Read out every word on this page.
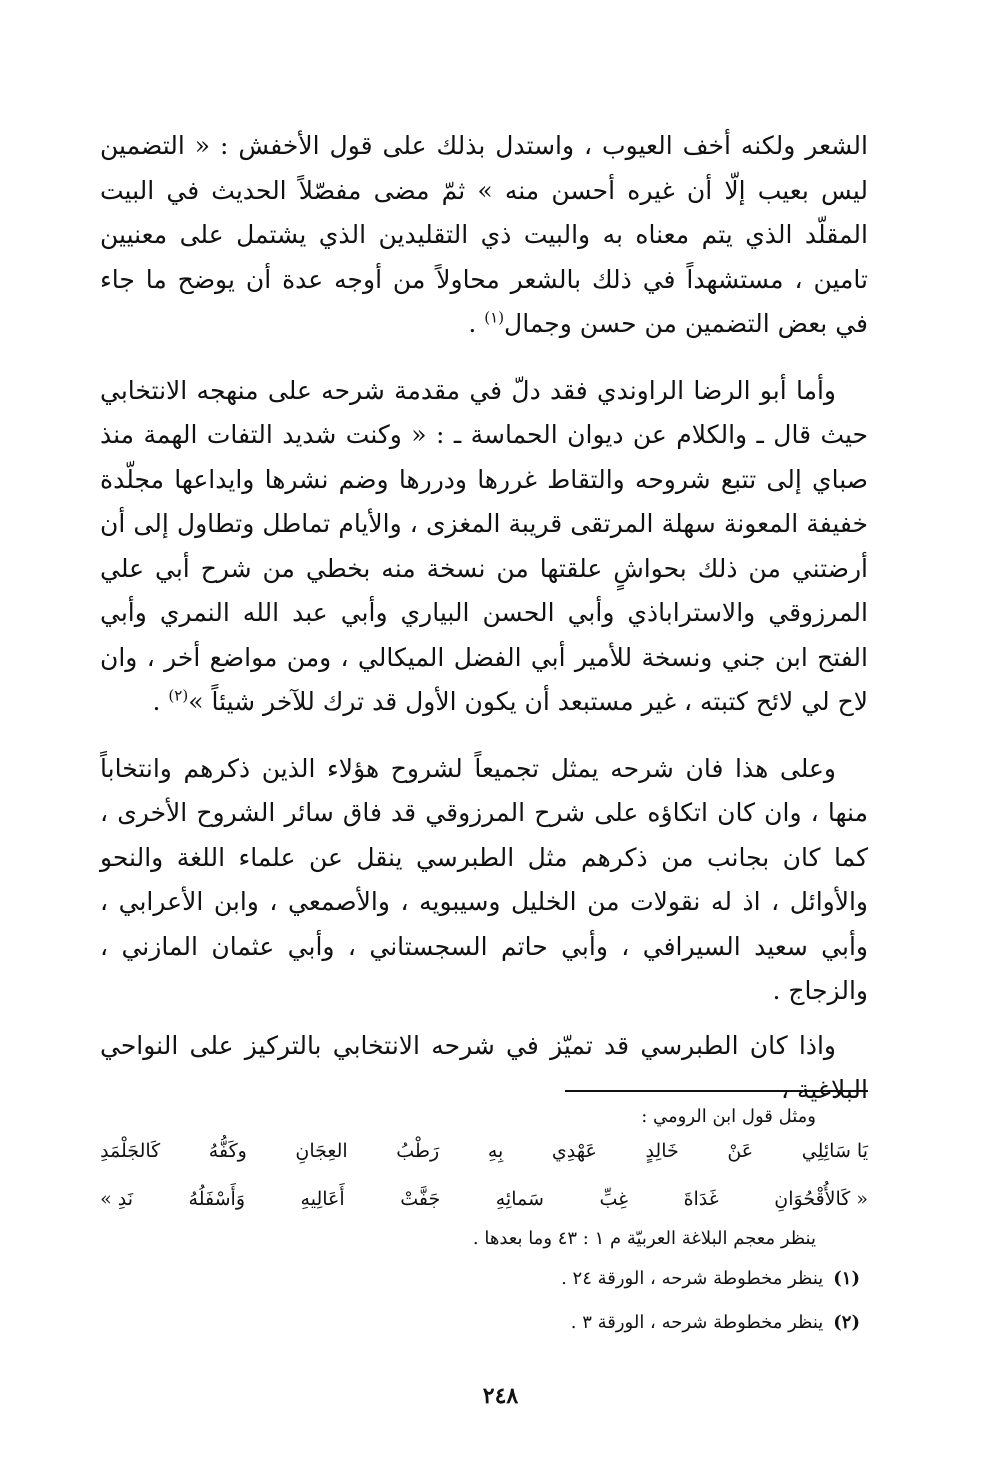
الشعر ولكنه أخف العيوب ، واستدل بذلك على قول الأخفش : « التضمين ليس بعيب إلّا أن غيره أحسن منه » ثمّ مضى مفصّلاً الحديث في البيت المقلّد الذي يتم معناه به والبيت ذي التقليدين الذي يشتمل على معنيين تامين ، مستشهداً في ذلك بالشعر محاولاً من أوجه عدة أن يوضح ما جاء في بعض التضمين من حسن وجمال$^{(١)}$ .

وأما أبو الرضا الراوندي فقد دلّ في مقدمة شرحه على منهجه الانتخابي حيث قال ـ والكلام عن ديوان الحماسة ـ : « وكنت شديد التفات الهمة منذ صباي إلى تتبع شروحه والتقاط غررها ودررها وضم نشرها وايداعها مجلّدة خفيفة المعونة سهلة المرتقى قريبة المغزى ، والأيام تماطل وتطاول إلى أن أرضتني من ذلك بحواشٍ علقتها من نسخة منه بخطي من شرح أبي علي المرزوقي والاستراباذي وأبي الحسن البياري وأبي عبد الله النمري وأبي الفتح ابن جني ونسخة للأمير أبي الفضل الميكالي ، ومن مواضع أخر ، وان لاح لي لائح كتبته ، غير مستبعد أن يكون الأول قد ترك للآخر شيئاً »$^{(٢)}$ .

وعلى هذا فان شرحه يمثل تجميعاً لشروح هؤلاء الذين ذكرهم وانتخاباً منها ، وان كان اتكاؤه على شرح المرزوقي قد فاق سائر الشروح الأخرى ، كما كان بجانب من ذكرهم مثل الطبرسي ينقل عن علماء اللغة والنحو والأوائل ، اذ له نقولات من الخليل وسيبويه ، والأصمعي ، وابن الأعرابي ، وأبي سعيد السيرافي ، وأبي حاتم السجستاني ، وأبي عثمان المازني ، والزجاج .

واذا كان الطبرسي قد تميّز في شرحه الانتخابي بالتركيز على النواحي البلاغية ،

ومثل قول ابن الرومي :
يَا سَائِلِي
عَنْ
خَالِدٍ
عَهْدِي
بِهِ
رَطْبُ
العِجَانِ
وكَفُّهُ
كَالجَلْمَدِ
« كَالأُقْحُوَانِ
غَدَاةَ
غِبِّ
سَمائِهِ
جَفَّتْ
أَعَالِيهِ
وَأَسْفَلُهُ
نَدِ »
ينظر معجم البلاغة العربيّة م ١ : ٤٣ وما بعدها .
(١)ينظر مخطوطة شرحه ، الورقة ٢٤ .
(٢)ينظر مخطوطة شرحه ، الورقة ٣ .
٢٤٨
